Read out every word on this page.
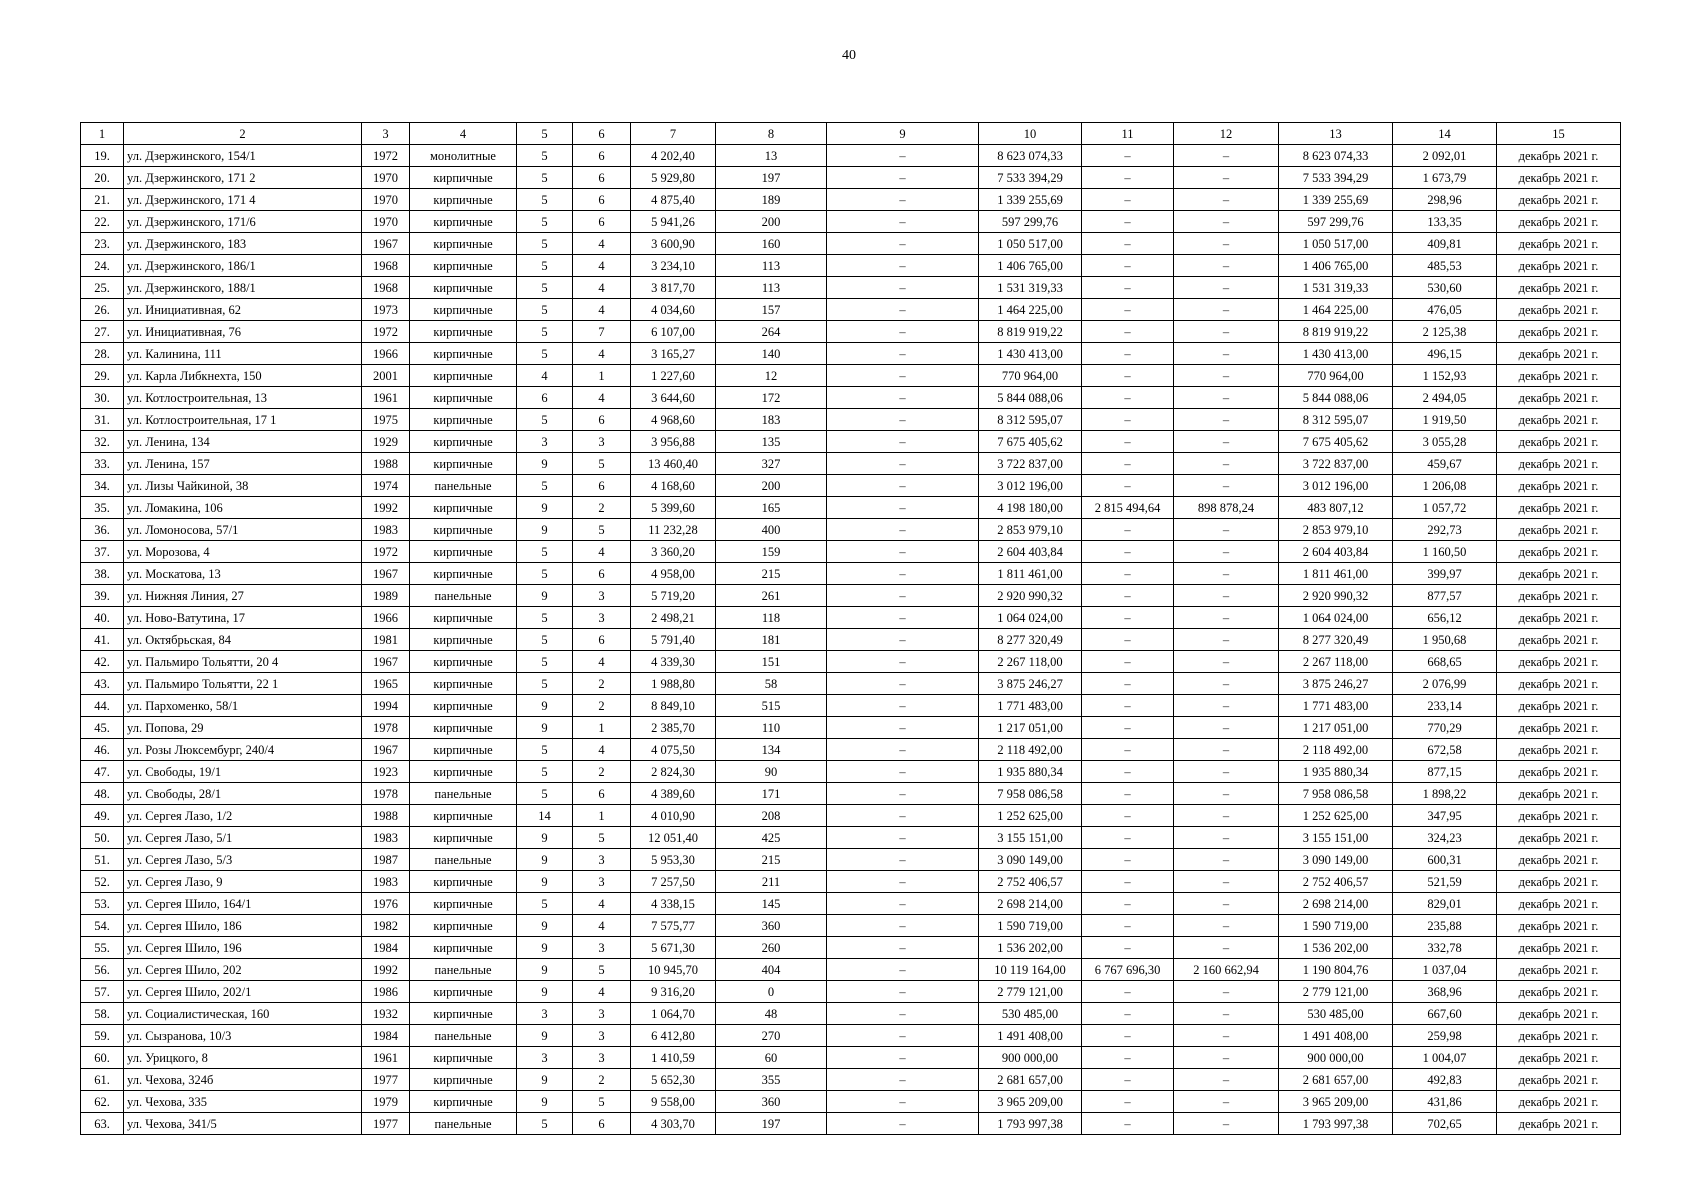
40
1	2	3	4	5	6	7	8	9	10	11	12	13	14	15
19.	ул. Дзержинского, 154/1	1972	монолитные	5	6	4 202,40	13	–	8 623 074,33	–	–	8 623 074,33	2 092,01	декабрь 2021 г.
20.	ул. Дзержинского, 171 2	1970	кирпичные	5	6	5 929,80	197	–	7 533 394,29	–	–	7 533 394,29	1 673,79	декабрь 2021 г.
21.	ул. Дзержинского, 171 4	1970	кирпичные	5	6	4 875,40	189	–	1 339 255,69	–	–	1 339 255,69	298,96	декабрь 2021 г.
22.	ул. Дзержинского, 171/6	1970	кирпичные	5	6	5 941,26	200	–	597 299,76	–	–	597 299,76	133,35	декабрь 2021 г.
23.	ул. Дзержинского, 183	1967	кирпичные	5	4	3 600,90	160	–	1 050 517,00	–	–	1 050 517,00	409,81	декабрь 2021 г.
24.	ул. Дзержинского, 186/1	1968	кирпичные	5	4	3 234,10	113	–	1 406 765,00	–	–	1 406 765,00	485,53	декабрь 2021 г.
25.	ул. Дзержинского, 188/1	1968	кирпичные	5	4	3 817,70	113	–	1 531 319,33	–	–	1 531 319,33	530,60	декабрь 2021 г.
26.	ул. Инициативная, 62	1973	кирпичные	5	4	4 034,60	157	–	1 464 225,00	–	–	1 464 225,00	476,05	декабрь 2021 г.
27.	ул. Инициативная, 76	1972	кирпичные	5	7	6 107,00	264	–	8 819 919,22	–	–	8 819 919,22	2 125,38	декабрь 2021 г.
28.	ул. Калинина, 111	1966	кирпичные	5	4	3 165,27	140	–	1 430 413,00	–	–	1 430 413,00	496,15	декабрь 2021 г.
29.	ул. Карла Либкнехта, 150	2001	кирпичные	4	1	1 227,60	12	–	770 964,00	–	–	770 964,00	1 152,93	декабрь 2021 г.
30.	ул. Котлостроительная, 13	1961	кирпичные	6	4	3 644,60	172	–	5 844 088,06	–	–	5 844 088,06	2 494,05	декабрь 2021 г.
31.	ул. Котлостроительная, 17 1	1975	кирпичные	5	6	4 968,60	183	–	8 312 595,07	–	–	8 312 595,07	1 919,50	декабрь 2021 г.
32.	ул. Ленина, 134	1929	кирпичные	3	3	3 956,88	135	–	7 675 405,62	–	–	7 675 405,62	3 055,28	декабрь 2021 г.
33.	ул. Ленина, 157	1988	кирпичные	9	5	13 460,40	327	–	3 722 837,00	–	–	3 722 837,00	459,67	декабрь 2021 г.
34.	ул. Лизы Чайкиной, 38	1974	панельные	5	6	4 168,60	200	–	3 012 196,00	–	–	3 012 196,00	1 206,08	декабрь 2021 г.
35.	ул. Ломакина, 106	1992	кирпичные	9	2	5 399,60	165	–	4 198 180,00	2 815 494,64	898 878,24	483 807,12	1 057,72	декабрь 2021 г.
36.	ул. Ломоносова, 57/1	1983	кирпичные	9	5	11 232,28	400	–	2 853 979,10	–	–	2 853 979,10	292,73	декабрь 2021 г.
37.	ул. Морозова, 4	1972	кирпичные	5	4	3 360,20	159	–	2 604 403,84	–	–	2 604 403,84	1 160,50	декабрь 2021 г.
38.	ул. Москатова, 13	1967	кирпичные	5	6	4 958,00	215	–	1 811 461,00	–	–	1 811 461,00	399,97	декабрь 2021 г.
39.	ул. Нижняя Линия, 27	1989	панельные	9	3	5 719,20	261	–	2 920 990,32	–	–	2 920 990,32	877,57	декабрь 2021 г.
40.	ул. Ново-Ватутина, 17	1966	кирпичные	5	3	2 498,21	118	–	1 064 024,00	–	–	1 064 024,00	656,12	декабрь 2021 г.
41.	ул. Октябрьская, 84	1981	кирпичные	5	6	5 791,40	181	–	8 277 320,49	–	–	8 277 320,49	1 950,68	декабрь 2021 г.
42.	ул. Пальмиро Тольятти, 20 4	1967	кирпичные	5	4	4 339,30	151	–	2 267 118,00	–	–	2 267 118,00	668,65	декабрь 2021 г.
43.	ул. Пальмиро Тольятти, 22 1	1965	кирпичные	5	2	1 988,80	58	–	3 875 246,27	–	–	3 875 246,27	2 076,99	декабрь 2021 г.
44.	ул. Пархоменко, 58/1	1994	кирпичные	9	2	8 849,10	515	–	1 771 483,00	–	–	1 771 483,00	233,14	декабрь 2021 г.
45.	ул. Попова, 29	1978	кирпичные	9	1	2 385,70	110	–	1 217 051,00	–	–	1 217 051,00	770,29	декабрь 2021 г.
46.	ул. Розы Люксембург, 240/4	1967	кирпичные	5	4	4 075,50	134	–	2 118 492,00	–	–	2 118 492,00	672,58	декабрь 2021 г.
47.	ул. Свободы, 19/1	1923	кирпичные	5	2	2 824,30	90	–	1 935 880,34	–	–	1 935 880,34	877,15	декабрь 2021 г.
48.	ул. Свободы, 28/1	1978	панельные	5	6	4 389,60	171	–	7 958 086,58	–	–	7 958 086,58	1 898,22	декабрь 2021 г.
49.	ул. Сергея Лазо, 1/2	1988	кирпичные	14	1	4 010,90	208	–	1 252 625,00	–	–	1 252 625,00	347,95	декабрь 2021 г.
50.	ул. Сергея Лазо, 5/1	1983	кирпичные	9	5	12 051,40	425	–	3 155 151,00	–	–	3 155 151,00	324,23	декабрь 2021 г.
51.	ул. Сергея Лазо, 5/3	1987	панельные	9	3	5 953,30	215	–	3 090 149,00	–	–	3 090 149,00	600,31	декабрь 2021 г.
52.	ул. Сергея Лазо, 9	1983	кирпичные	9	3	7 257,50	211	–	2 752 406,57	–	–	2 752 406,57	521,59	декабрь 2021 г.
53.	ул. Сергея Шило, 164/1	1976	кирпичные	5	4	4 338,15	145	–	2 698 214,00	–	–	2 698 214,00	829,01	декабрь 2021 г.
54.	ул. Сергея Шило, 186	1982	кирпичные	9	4	7 575,77	360	–	1 590 719,00	–	–	1 590 719,00	235,88	декабрь 2021 г.
55.	ул. Сергея Шило, 196	1984	кирпичные	9	3	5 671,30	260	–	1 536 202,00	–	–	1 536 202,00	332,78	декабрь 2021 г.
56.	ул. Сергея Шило, 202	1992	панельные	9	5	10 945,70	404	–	10 119 164,00	6 767 696,30	2 160 662,94	1 190 804,76	1 037,04	декабрь 2021 г.
57.	ул. Сергея Шило, 202/1	1986	кирпичные	9	4	9 316,20	0	–	2 779 121,00	–	–	2 779 121,00	368,96	декабрь 2021 г.
58.	ул. Социалистическая, 160	1932	кирпичные	3	3	1 064,70	48	–	530 485,00	–	–	530 485,00	667,60	декабрь 2021 г.
59.	ул. Сызранова, 10/3	1984	панельные	9	3	6 412,80	270	–	1 491 408,00	–	–	1 491 408,00	259,98	декабрь 2021 г.
60.	ул. Урицкого, 8	1961	кирпичные	3	3	1 410,59	60	–	900 000,00	–	–	900 000,00	1 004,07	декабрь 2021 г.
61.	ул. Чехова, 324б	1977	кирпичные	9	2	5 652,30	355	–	2 681 657,00	–	–	2 681 657,00	492,83	декабрь 2021 г.
62.	ул. Чехова, 335	1979	кирпичные	9	5	9 558,00	360	–	3 965 209,00	–	–	3 965 209,00	431,86	декабрь 2021 г.
63.	ул. Чехова, 341/5	1977	панельные	5	6	4 303,70	197	–	1 793 997,38	–	–	1 793 997,38	702,65	декабрь 2021 г.
